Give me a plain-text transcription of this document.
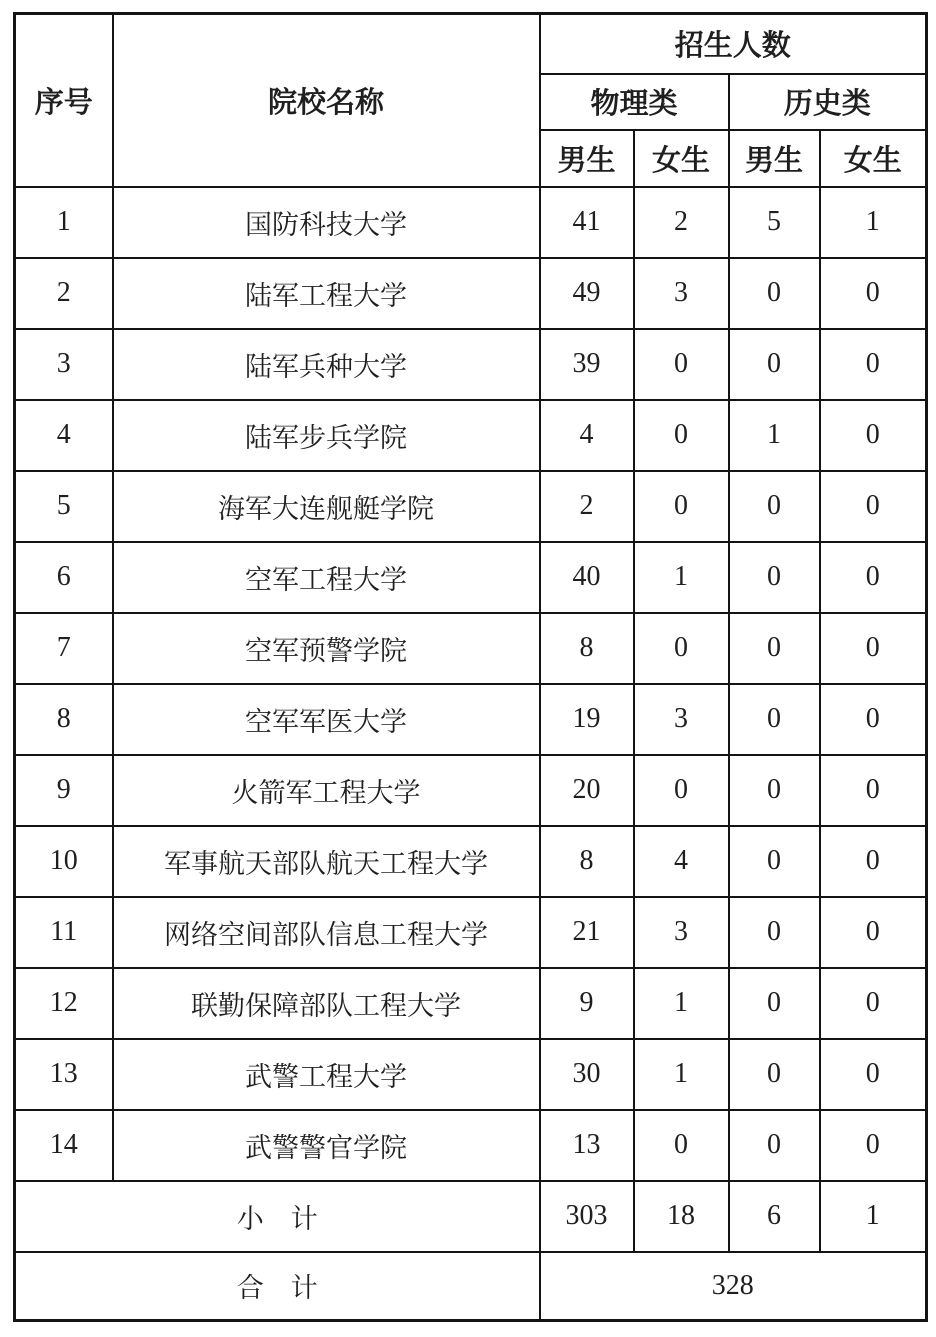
序号	院校名称	招生人数			
		物理类		历史类	
		男生	女生	男生	女生
1	国防科技大学	41	2	5	1
2	陆军工程大学	49	3	0	0
3	陆军兵种大学	39	0	0	0
4	陆军步兵学院	4	0	1	0
5	海军大连舰艇学院	2	0	0	0
6	空军工程大学	40	1	0	0
7	空军预警学院	8	0	0	0
8	空军军医大学	19	3	0	0
9	火箭军工程大学	20	0	0	0
10	军事航天部队航天工程大学	8	4	0	0
11	网络空间部队信息工程大学	21	3	0	0
12	联勤保障部队工程大学	9	1	0	0
13	武警工程大学	30	1	0	0
14	武警警官学院	13	0	0	0
小　计		303	18	6	1
合　计		328			
